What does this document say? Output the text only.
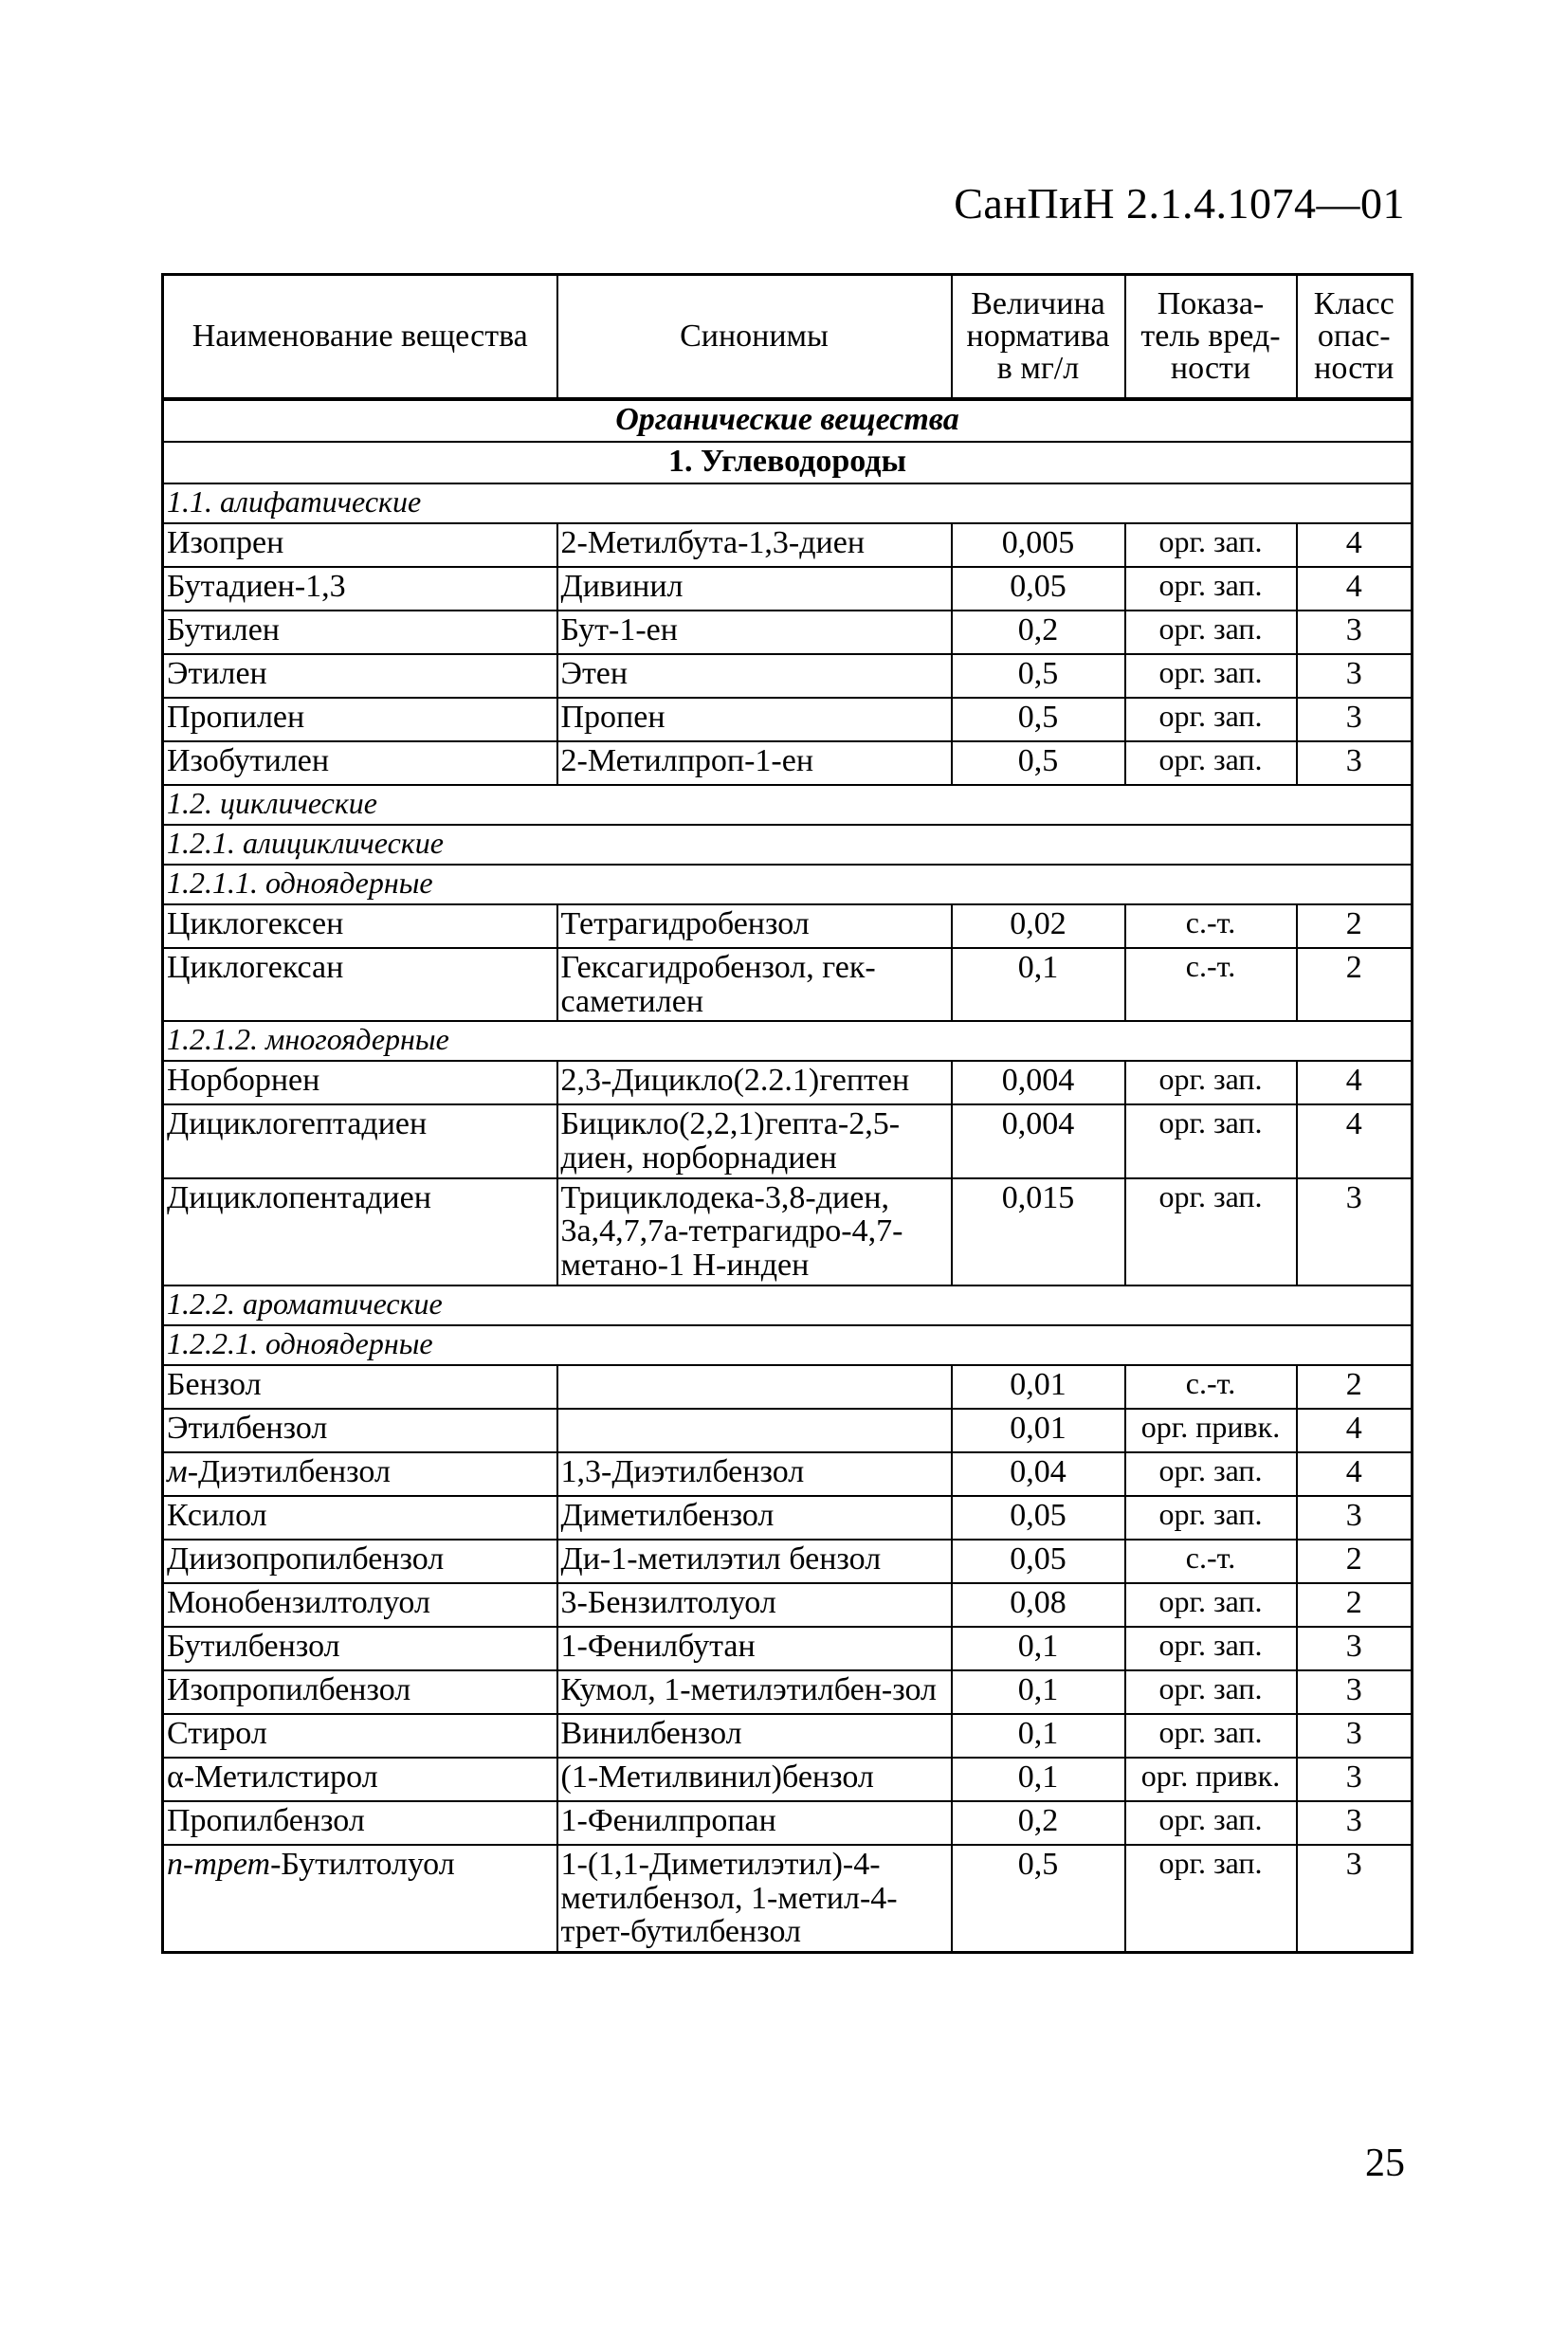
СанПиН 2.1.4.1074—01
Наименование вещества	Синонимы	Величина норматива в мг/л	Показа-тель вред-ности	Класс опас-ности
Органические вещества				
1. Углеводороды				
1.1. алифатические				
Изопрен	2-Метилбута-1,3-диен	0,005	орг. зап.	4
Бутадиен-1,3	Дивинил	0,05	орг. зап.	4
Бутилен	Бут-1-ен	0,2	орг. зап.	3
Этилен	Этен	0,5	орг. зап.	3
Пропилен	Пропен	0,5	орг. зап.	3
Изобутилен	2-Метилпроп-1-ен	0,5	орг. зап.	3
1.2. циклические				
1.2.1. алициклические				
1.2.1.1. одноядерные				
Циклогексен	Тетрагидробензол	0,02	с.-т.	2
Циклогексан	Гексагидробензол, гек-саметилен	0,1	с.-т.	2
1.2.1.2. многоядерные				
Норборнен	2,3-Дицикло(2.2.1)гептен	0,004	орг. зап.	4
Дициклогептадиен	Бицикло(2,2,1)гепта-2,5-диен, норборнадиен	0,004	орг. зап.	4
Дициклопентадиен	Трициклодека-3,8-диен, 3а,4,7,7а-тетрагидро-4,7-метано-1 Н-инден	0,015	орг. зап.	3
1.2.2. ароматические				
1.2.2.1. одноядерные				
Бензол		0,01	с.-т.	2
Этилбензол		0,01	орг. привк.	4
м-Диэтилбензол	1,3-Диэтилбензол	0,04	орг. зап.	4
Ксилол	Диметилбензол	0,05	орг. зап.	3
Диизопропилбензол	Ди-1-метилэтил бензол	0,05	с.-т.	2
Монобензилтолуол	3-Бензилтолуол	0,08	орг. зап.	2
Бутилбензол	1-Фенилбутан	0,1	орг. зап.	3
Изопропилбензол	Кумол, 1-метилэтилбен-зол	0,1	орг. зап.	3
Стирол	Винилбензол	0,1	орг. зап.	3
α-Метилстирол	(1-Метилвинил)бензол	0,1	орг. привк.	3
Пропилбензол	1-Фенилпропан	0,2	орг. зап.	3
п-трет-Бутилтолуол	1-(1,1-Диметилэтил)-4-метилбензол, 1-метил-4-трет-бутилбензол	0,5	орг. зап.	3
25
